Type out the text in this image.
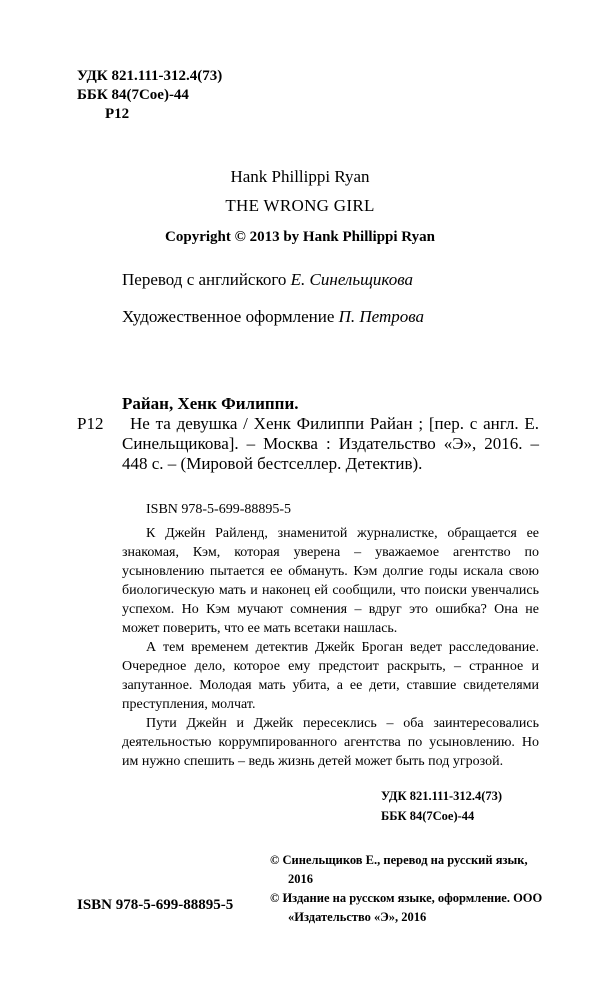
УДК 821.111-312.4(73)
ББК 84(7Сое)-44
Р12
Hank Phillippi Ryan
THE WRONG GIRL
Copyright © 2013 by Hank Phillippi Ryan
Перевод с английского Е. Синельщикова
Художественное оформление П. Петрова
Райан, Хенк Филиппи.
Р12	Не та девушка / Хенк Филиппи Райан ; [пер. с англ. Е. Синельщикова]. – Москва : Издательство «Э», 2016. – 448 с. – (Мировой бестселлер. Детектив).
ISBN 978-5-699-88895-5

К Джейн Райленд, знаменитой журналистке, обращается ее знакомая, Кэм, которая уверена – уважаемое агентство по усыновлению пытается ее обмануть. Кэм долгие годы искала свою биологическую мать и наконец ей сообщили, что поиски увенчались успехом. Но Кэм мучают сомнения – вдруг это ошибка? Она не может поверить, что ее мать всетаки нашлась.

А тем временем детектив Джейк Броган ведет расследование. Очередное дело, которое ему предстоит раскрыть, – странное и запутанное. Молодая мать убита, а ее дети, ставшие свидетелями преступления, молчат.

Пути Джейн и Джейк пересеклись – оба заинтересовались деятельностью коррумпированного агентства по усыновлению. Но им нужно спешить – ведь жизнь детей может быть под угрозой.

УДК 821.111-312.4(73)
ББК 84(7Сое)-44

© Синельщиков Е., перевод на русский язык, 2016

© Издание на русском языке, оформление. ООО «Издательство «Э», 2016

ISBN 978-5-699-88895-5
